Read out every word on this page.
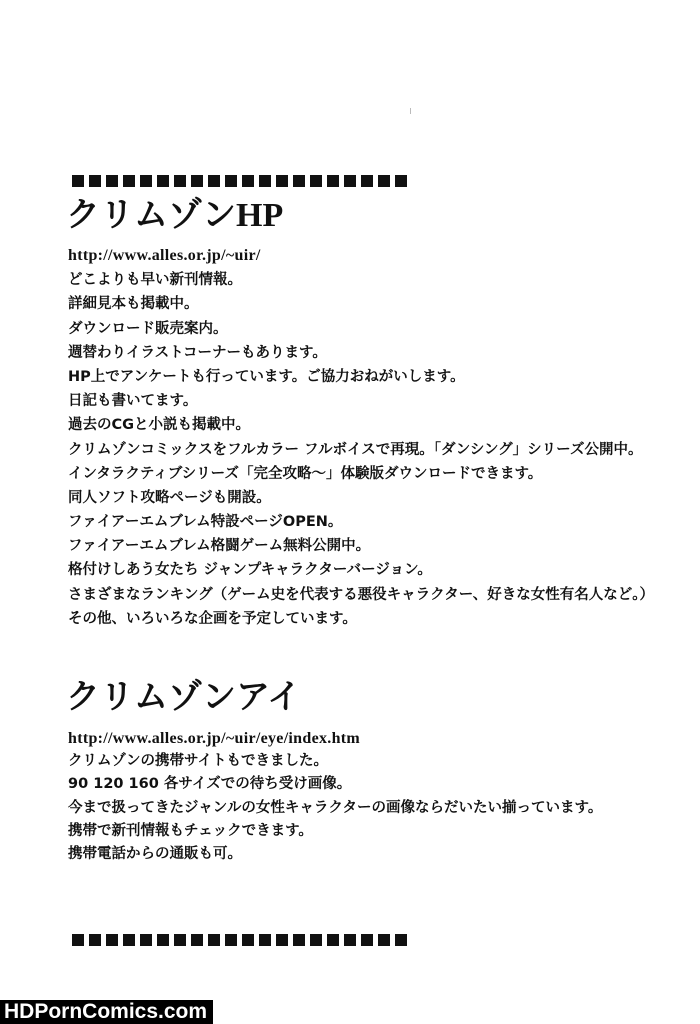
クリムゾンHP
http://www.alles.or.jp/~uir/
どこよりも早い新刊情報。
詳細見本も掲載中。
ダウンロード販売案内。
週替わりイラストコーナーもあります。
HP上でアンケートも行っています。ご協力おねがいします。
日記も書いてます。
過去のCGと小説も掲載中。
クリムゾンコミックスをフルカラー フルボイスで再現。「ダンシング」シリーズ公開中。
インタラクティブシリーズ「完全攻略～」体験版ダウンロードできます。
同人ソフト攻略ページも開設。
ファイアーエムブレム特設ページOPEN。
ファイアーエムブレム格闘ゲーム無料公開中。
格付けしあう女たち ジャンプキャラクターバージョン。
さまざまなランキング（ゲーム史を代表する悪役キャラクター、好きな女性有名人など。）
その他、いろいろな企画を予定しています。
クリムゾンアイ
http://www.alles.or.jp/~uir/eye/index.htm
クリムゾンの携帯サイトもできました。
90 120 160 各サイズでの待ち受け画像。
今まで扱ってきたジャンルの女性キャラクターの画像ならだいたい揃っています。
携帯で新刊情報もチェックできます。
携帯電話からの通販も可。
HDPornComics.com
